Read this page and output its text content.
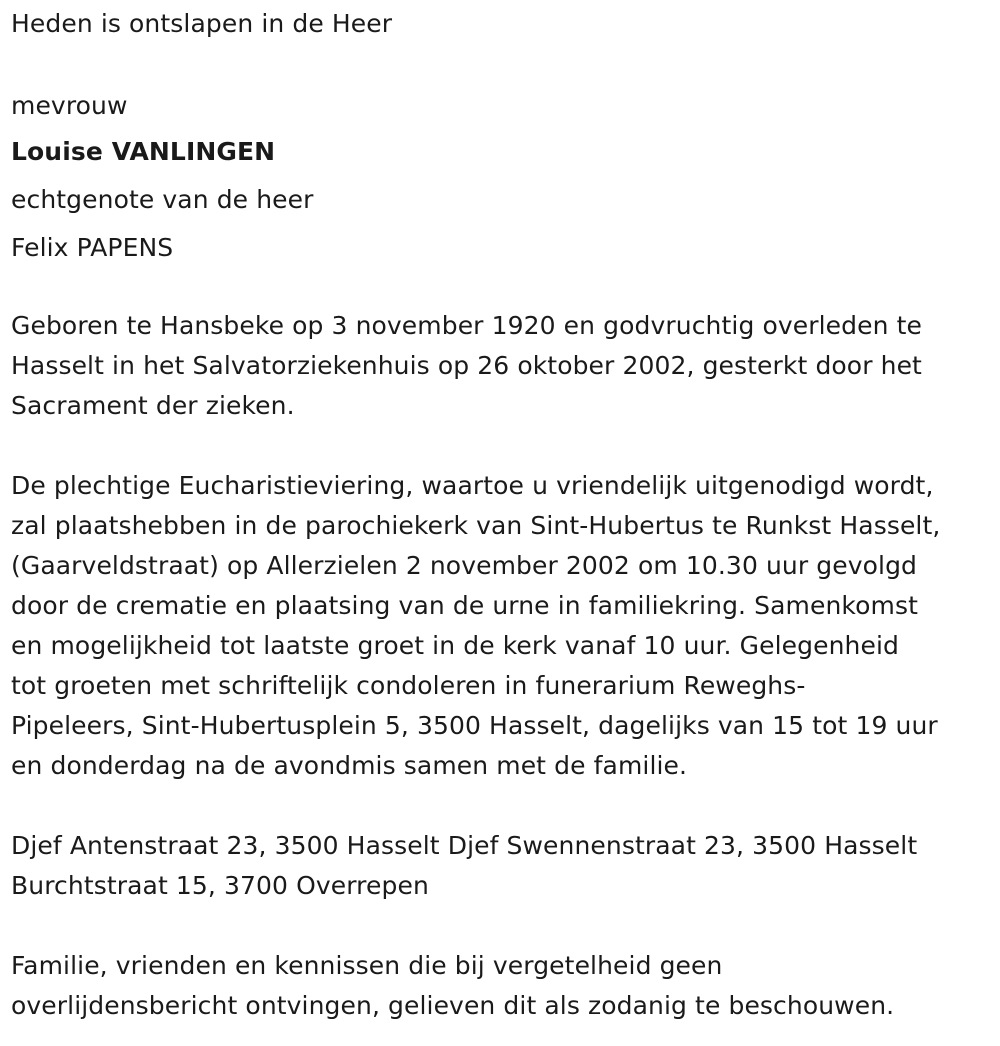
Heden is ontslapen in de Heer
mevrouw
Louise VANLINGEN
echtgenote van de heer
Felix PAPENS
Geboren te Hansbeke op 3 november 1920 en godvruchtig overleden te
Hasselt in het Salvatorziekenhuis op 26 oktober 2002, gesterkt door het
Sacrament der zieken.
De plechtige Eucharistieviering, waartoe u vriendelijk uitgenodigd wordt,
zal plaatshebben in de parochiekerk van Sint-Hubertus te Runkst Hasselt,
(Gaarveldstraat) op Allerzielen 2 november 2002 om 10.30 uur gevolgd
door de crematie en plaatsing van de urne in familiekring. Samenkomst
en mogelijkheid tot laatste groet in de kerk vanaf 10 uur. Gelegenheid
tot groeten met schriftelijk condoleren in funerarium Reweghs-
Pipeleers, Sint-Hubertusplein 5, 3500 Hasselt, dagelijks van 15 tot 19 uur
en donderdag na de avondmis samen met de familie.
Djef Antenstraat 23, 3500 Hasselt Djef Swennenstraat 23, 3500 Hasselt
Burchtstraat 15, 3700 Overrepen
Familie, vrienden en kennissen die bij vergetelheid geen
overlijdensbericht ontvingen, gelieven dit als zodanig te beschouwen.
